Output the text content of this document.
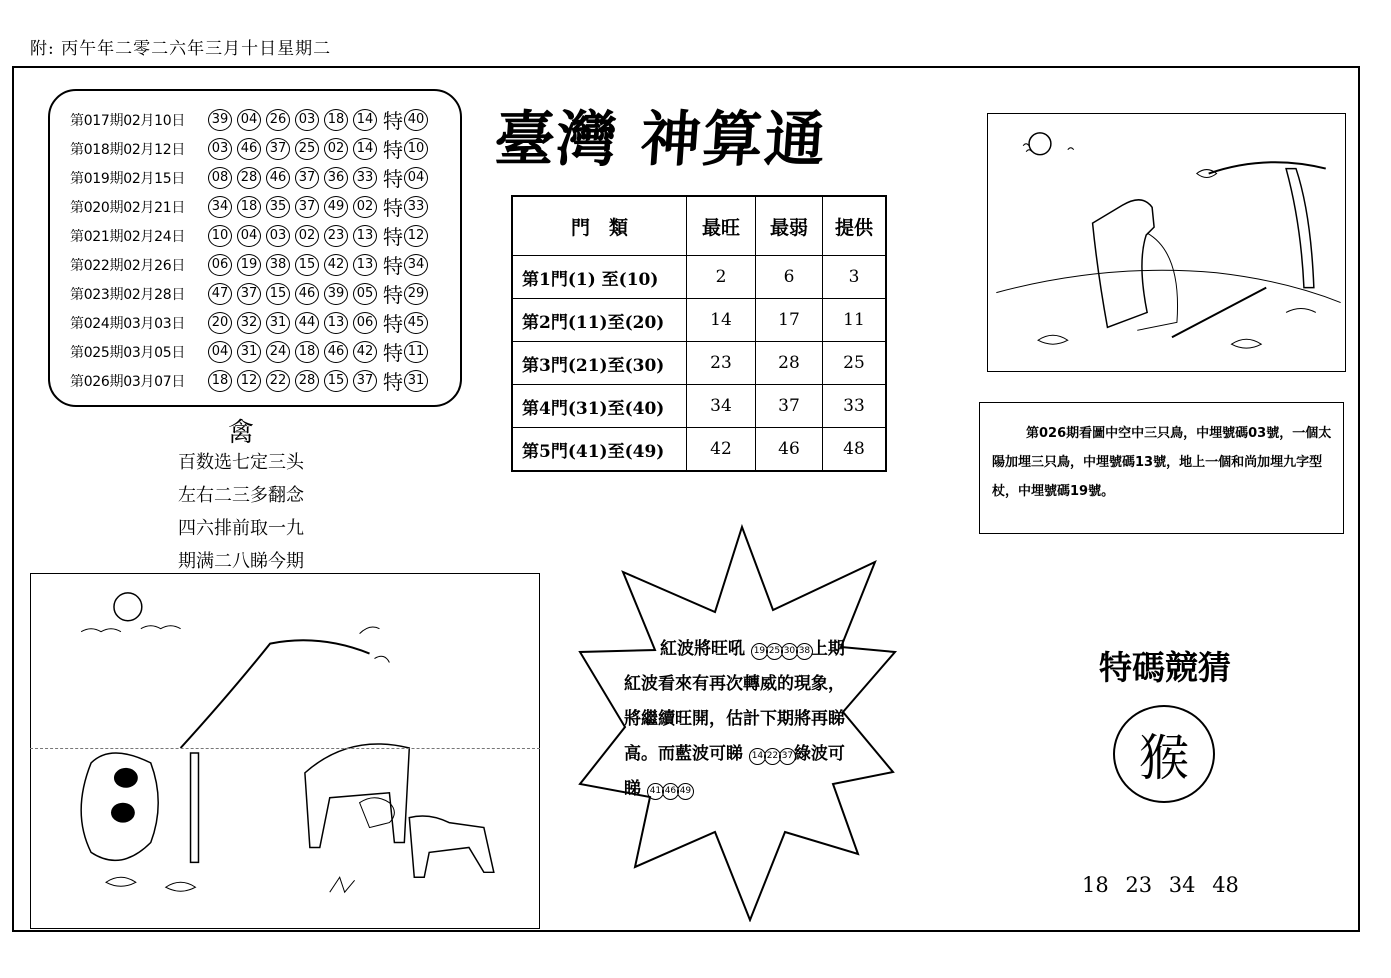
附: 丙午年二零二六年三月十日星期二
第017期02月10日	39 04 26 03 18 14 特 40
第018期02月12日	03 46 37 25 02 14 特 10
第019期02月15日	08 28 46 37 36 33 特 04
第020期02月21日	34 18 35 37 49 02 特 33
第021期02月24日	10 04 03 02 23 13 特 12
第022期02月26日	06 19 38 15 42 13 特 34
第023期02月28日	47 37 15 46 39 05 特 29
第024期03月03日	20 32 31 44 13 06 特 45
第025期03月05日	04 31 24 18 46 42 特 11
第026期03月07日	18 12 22 28 15 37 特 31
禽
百数选七定三头
左右二三多翻念
四六排前取一九
期满二八睇今期
臺灣 神算通
門　類	最旺	最弱	提供
第1門(1) 至(10)	2	6	3
第2門(11)至(20)	14	17	11
第3門(21)至(30)	23	28	25
第4門(31)至(40)	34	37	33
第5門(41)至(49)	42	46	48
第026期看圖中空中三只鳥，中埋號碼03號，一個太陽加埋三只鳥，中埋號碼13號，地上一個和尚加埋九字型杖，中埋號碼19號。
紅波將旺吼 19 25 30 38上期
紅波看來有再次轉威的現象，
將繼續旺開，估計下期將再睇
高。而藍波可睇 14 22 37綠波可
睇 41 46 49
特碼競猜
猴
18 23 34 48
